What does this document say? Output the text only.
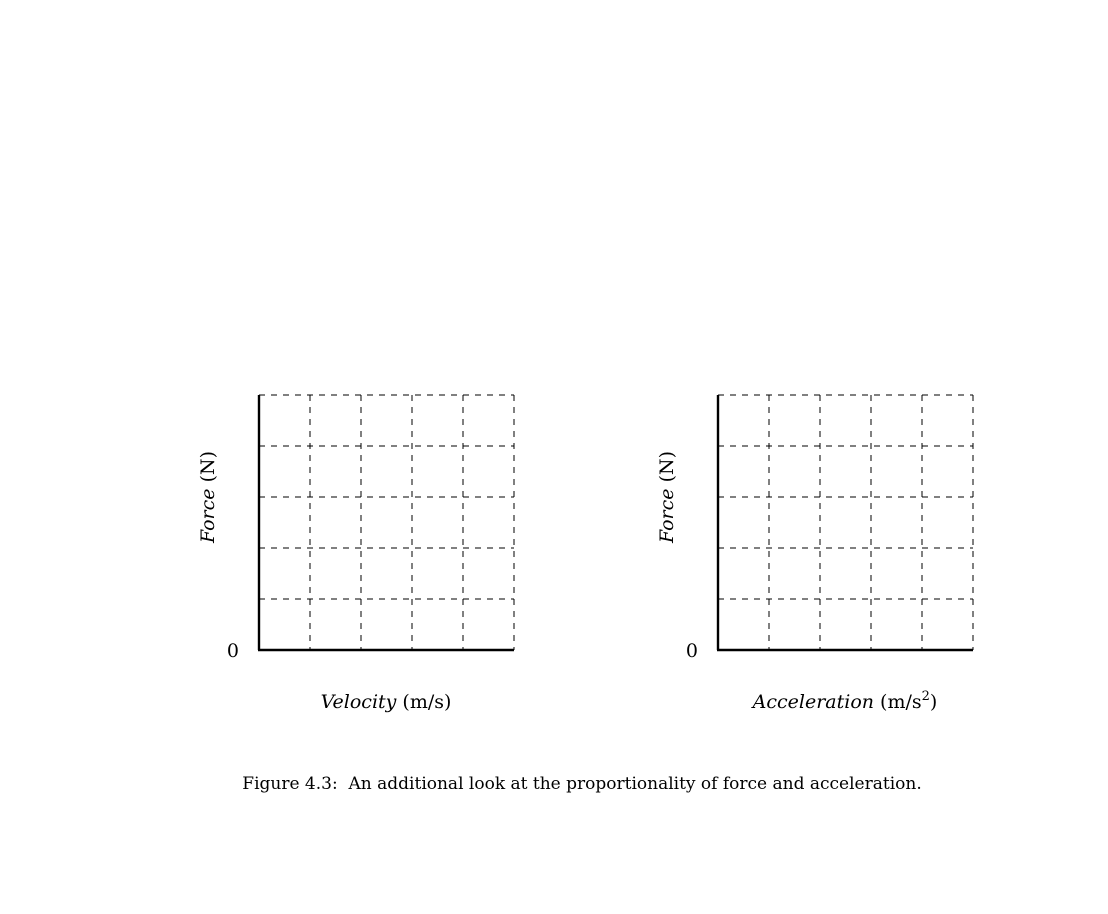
0
Force (N)
Velocity (m/s)
0
Force (N)
Acceleration $(m/s^2)$
Figure 4.3: An additional look at the proportionality of force and acceleration.
